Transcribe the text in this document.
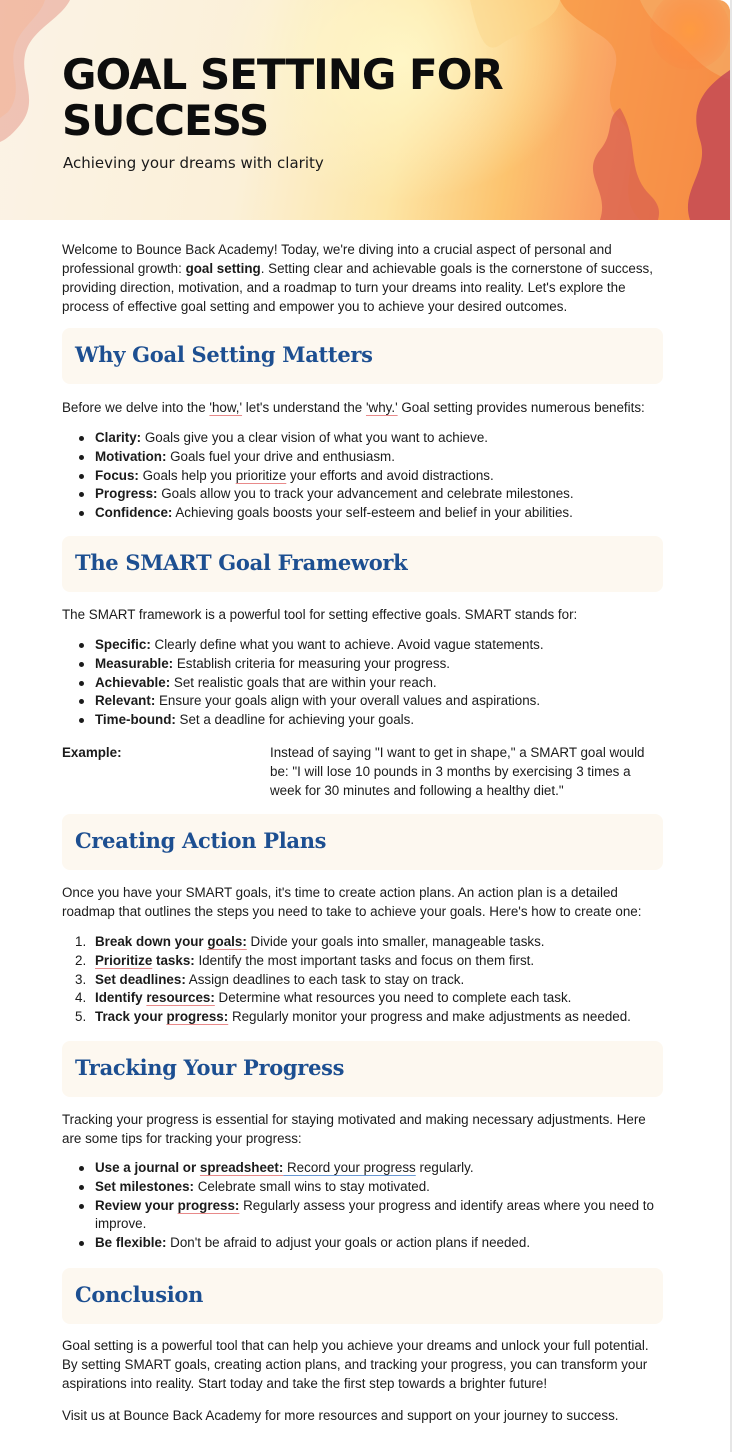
GOAL SETTING FOR SUCCESS
Achieving your dreams with clarity

Welcome to Bounce Back Academy! Today, we're diving into a crucial aspect of personal and professional growth: goal setting. Setting clear and achievable goals is the cornerstone of success, providing direction, motivation, and a roadmap to turn your dreams into reality. Let's explore the process of effective goal setting and empower you to achieve your desired outcomes.

Why Goal Setting Matters

Before we delve into the 'how,' let's understand the 'why.' Goal setting provides numerous benefits:

Clarity: Goals give you a clear vision of what you want to achieve.
Motivation: Goals fuel your drive and enthusiasm.
Focus: Goals help you prioritize your efforts and avoid distractions.
Progress: Goals allow you to track your advancement and celebrate milestones.
Confidence: Achieving goals boosts your self-esteem and belief in your abilities.
The SMART Goal Framework

The SMART framework is a powerful tool for setting effective goals. SMART stands for:

Specific: Clearly define what you want to achieve. Avoid vague statements.
Measurable: Establish criteria for measuring your progress.
Achievable: Set realistic goals that are within your reach.
Relevant: Ensure your goals align with your overall values and aspirations.
Time-bound: Set a deadline for achieving your goals.
Example:	Instead of saying "I want to get in shape," a SMART goal would be: "I will lose 10 pounds in 3 months by exercising 3 times a week for 30 minutes and following a healthy diet."
Creating Action Plans

Once you have your SMART goals, it's time to create action plans. An action plan is a detailed roadmap that outlines the steps you need to take to achieve your goals. Here's how to create one:

1. Break down your goals: Divide your goals into smaller, manageable tasks.
2. Prioritize tasks: Identify the most important tasks and focus on them first.
3. Set deadlines: Assign deadlines to each task to stay on track.
4. Identify resources: Determine what resources you need to complete each task.
5. Track your progress: Regularly monitor your progress and make adjustments as needed.
Tracking Your Progress

Tracking your progress is essential for staying motivated and making necessary adjustments. Here are some tips for tracking your progress:

Use a journal or spreadsheet: Record your progress regularly.
Set milestones: Celebrate small wins to stay motivated.
Review your progress: Regularly assess your progress and identify areas where you need to improve.
Be flexible: Don't be afraid to adjust your goals or action plans if needed.
Conclusion

Goal setting is a powerful tool that can help you achieve your dreams and unlock your full potential. By setting SMART goals, creating action plans, and tracking your progress, you can transform your aspirations into reality. Start today and take the first step towards a brighter future!

Visit us at Bounce Back Academy for more resources and support on your journey to success.
